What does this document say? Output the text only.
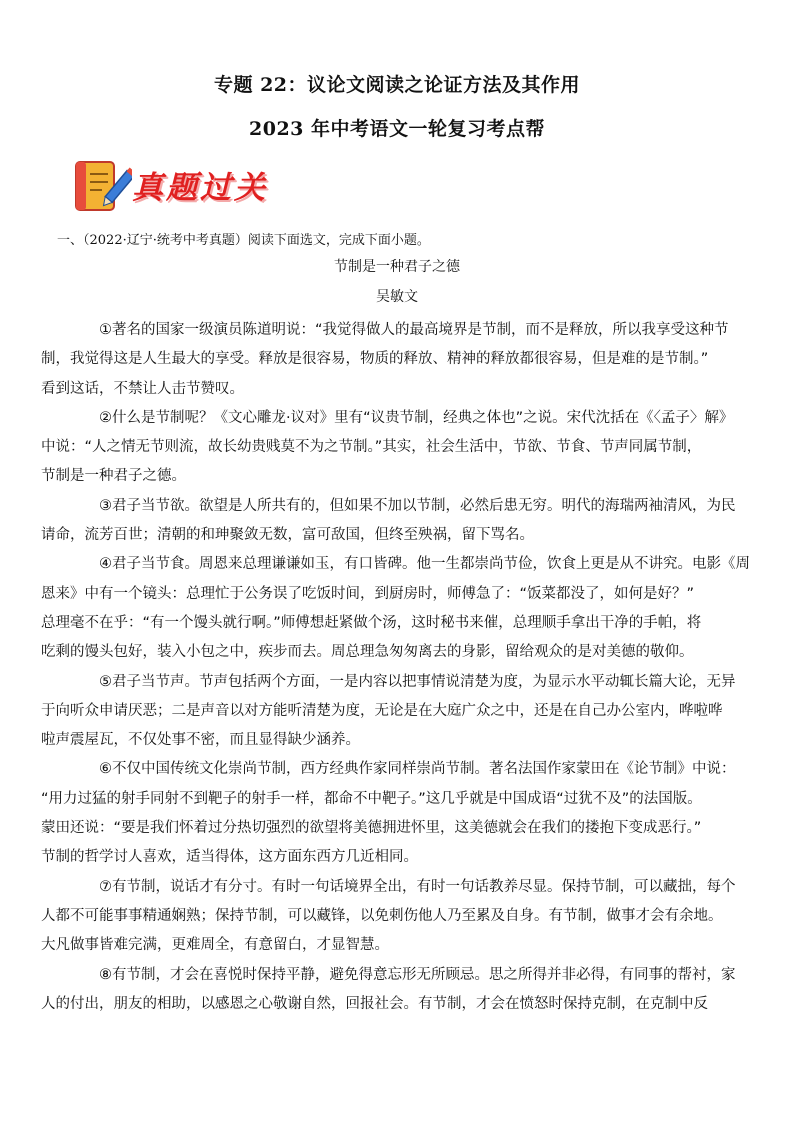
专题 22：议论文阅读之论证方法及其作用
2023 年中考语文一轮复习考点帮
真题过关
一、（2022·辽宁·统考中考真题）阅读下面选文，完成下面小题。
节制是一种君子之德
吴敏文

①著名的国家一级演员陈道明说：“我觉得做人的最高境界是节制，而不是释放，所以我享受这种节
制，我觉得这是人生最大的享受。释放是很容易，物质的释放、精神的释放都很容易，但是难的是节制。”
看到这话，不禁让人击节赞叹。

②什么是节制呢？《文心雕龙·议对》里有“议贵节制，经典之体也”之说。宋代沈括在《〈孟子〉解》
中说：“人之情无节则流，故长幼贵贱莫不为之节制。”其实，社会生活中，节欲、节食、节声同属节制，
节制是一种君子之德。

③君子当节欲。欲望是人所共有的，但如果不加以节制，必然后患无穷。明代的海瑞两袖清风，为民
请命，流芳百世；清朝的和珅聚敛无数，富可敌国，但终至殃祸，留下骂名。

④君子当节食。周恩来总理谦谦如玉，有口皆碑。他一生都崇尚节俭，饮食上更是从不讲究。电影《周
恩来》中有一个镜头：总理忙于公务误了吃饭时间，到厨房时，师傅急了：“饭菜都没了，如何是好？”
总理毫不在乎：“有一个馒头就行啊。”师傅想赶紧做个汤，这时秘书来催，总理顺手拿出干净的手帕，将
吃剩的馒头包好，装入小包之中，疾步而去。周总理急匆匆离去的身影，留给观众的是对美德的敬仰。

⑤君子当节声。节声包括两个方面，一是内容以把事情说清楚为度，为显示水平动辄长篇大论，无异
于向听众申请厌恶；二是声音以对方能听清楚为度，无论是在大庭广众之中，还是在自己办公室内，哗啦哗
啦声震屋瓦，不仅处事不密，而且显得缺少涵养。

⑥不仅中国传统文化崇尚节制，西方经典作家同样崇尚节制。著名法国作家蒙田在《论节制》中说：
“用力过猛的射手同射不到靶子的射手一样，都命不中靶子。”这几乎就是中国成语“过犹不及”的法国版。
蒙田还说：“要是我们怀着过分热切强烈的欲望将美德拥进怀里，这美德就会在我们的搂抱下变成恶行。”
节制的哲学讨人喜欢，适当得体，这方面东西方几近相同。

⑦有节制，说话才有分寸。有时一句话境界全出，有时一句话教养尽显。保持节制，可以藏拙，每个
人都不可能事事精通娴熟；保持节制，可以藏锋，以免刺伤他人乃至累及自身。有节制，做事才会有余地。
大凡做事皆难完满，更难周全，有意留白，才显智慧。

⑧有节制，才会在喜悦时保持平静，避免得意忘形无所顾忌。思之所得并非必得，有同事的帮衬，家
人的付出，朋友的相助，以感恩之心敬谢自然，回报社会。有节制，才会在愤怒时保持克制，在克制中反
